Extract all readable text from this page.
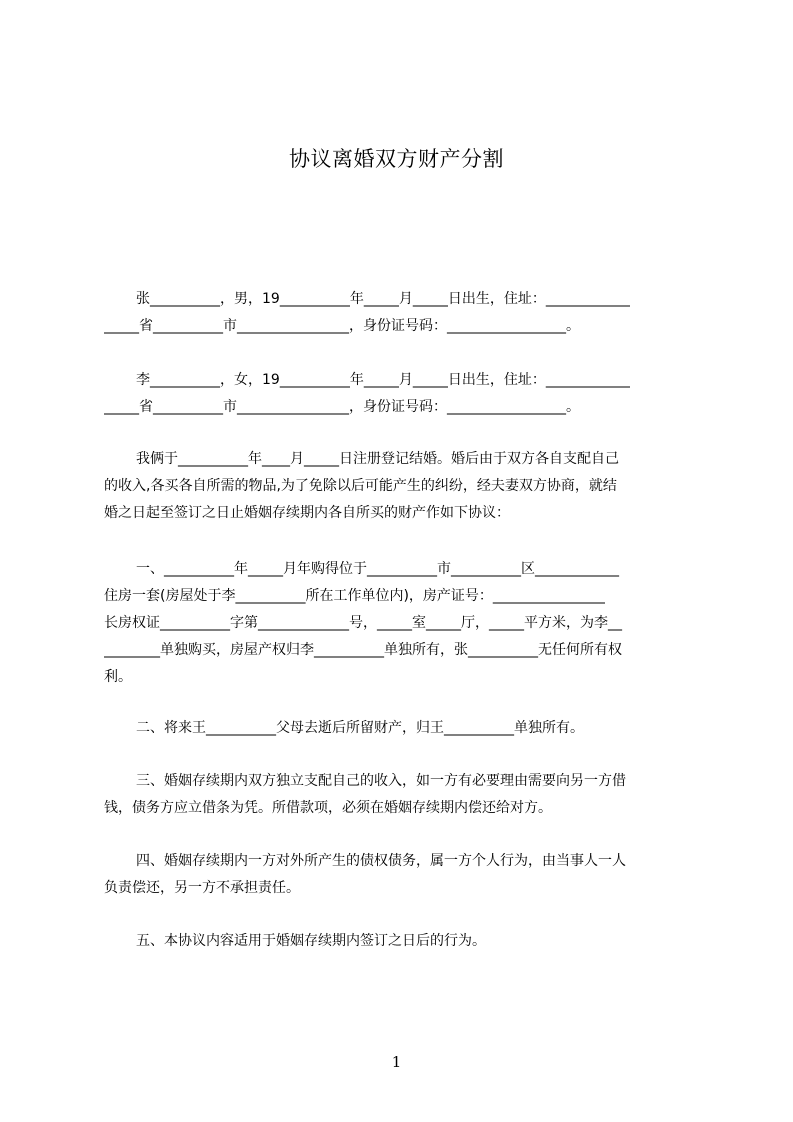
协议离婚双方财产分割

张__________，男，19__________年_____月_____日出生，住址：____________

_____省__________市________________，身份证号码：_________________。

李__________，女，19__________年_____月_____日出生，住址：____________

_____省__________市________________，身份证号码：_________________。

我俩于__________年____月_____日注册登记结婚。婚后由于双方各自支配自己

的收入,各买各自所需的物品,为了免除以后可能产生的纠纷，经夫妻双方协商，就结

婚之日起至签订之日止婚姻存续期内各自所买的财产作如下协议：

一、__________年_____月年购得位于__________市__________区____________

住房一套(房屋处于李__________所在工作单位内)，房产证号：________________

长房权证__________字第_____________号，_____室_____厅，_____平方米，为李__

________单独购买，房屋产权归李__________单独所有，张__________无任何所有权

利。

二、将来王__________父母去逝后所留财产，归王__________单独所有。

三、婚姻存续期内双方独立支配自己的收入，如一方有必要理由需要向另一方借

钱，债务方应立借条为凭。所借款项，必须在婚姻存续期内偿还给对方。

四、婚姻存续期内一方对外所产生的债权债务，属一方个人行为，由当事人一人

负责偿还，另一方不承担责任。

五、本协议内容适用于婚姻存续期内签订之日后的行为。

1
